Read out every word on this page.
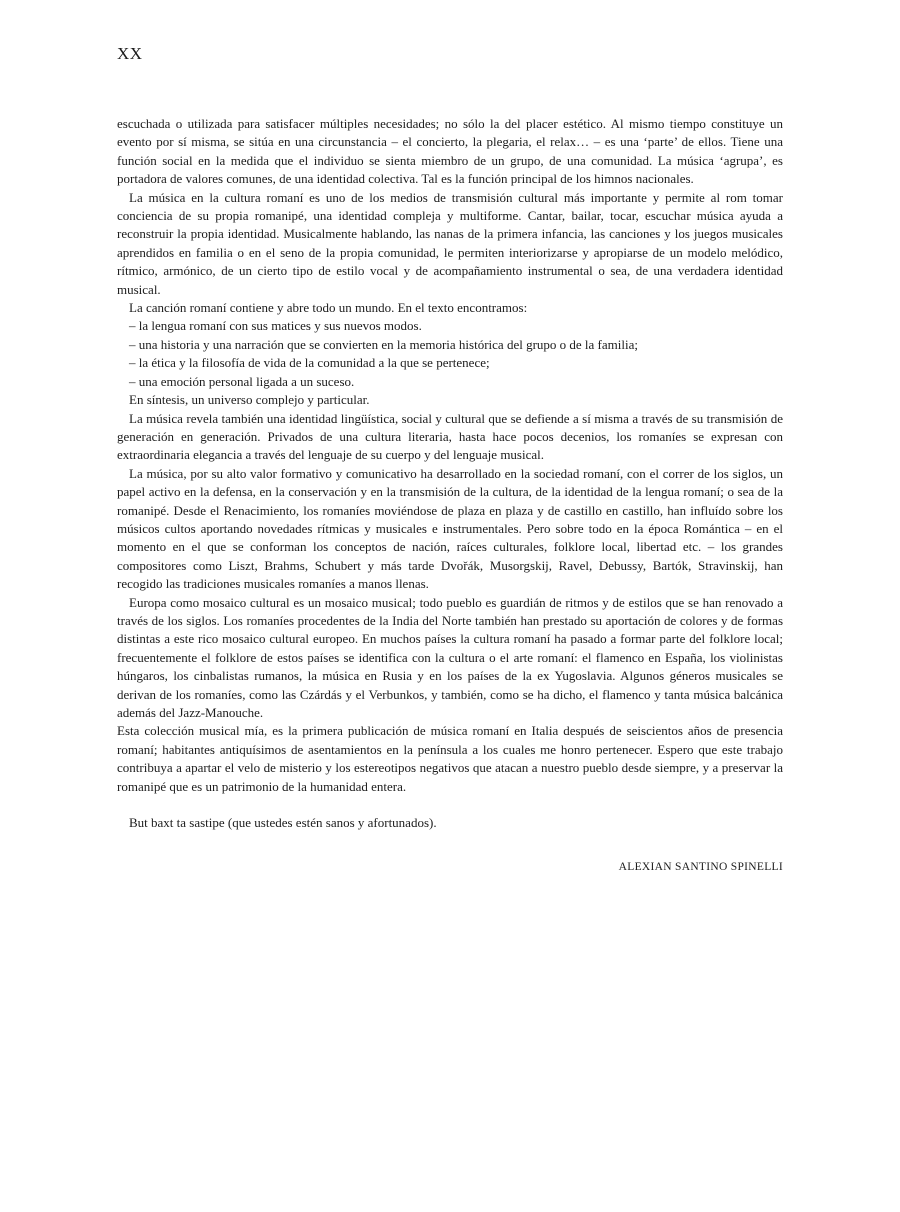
XX

escuchada o utilizada para satisfacer múltiples necesidades; no sólo la del placer estético. Al mismo tiempo constituye un evento por sí misma, se sitúa en una circunstancia – el concierto, la plegaria, el relax… – es una ‘parte’ de ellos. Tiene una función social en la medida que el individuo se sienta miembro de un grupo, de una comunidad. La música ‘agrupa’, es portadora de valores comunes, de una identidad colectiva. Tal es la función principal de los himnos nacionales.

La música en la cultura romaní es uno de los medios de transmisión cultural más importante y permite al rom tomar conciencia de su propia romanipé, una identidad compleja y multiforme. Cantar, bailar, tocar, escuchar música ayuda a reconstruir la propia identidad. Musicalmente hablando, las nanas de la primera infancia, las canciones y los juegos musicales aprendidos en familia o en el seno de la propia comunidad, le permiten interiorizarse y apropiarse de un modelo melódico, rítmico, armónico, de un cierto tipo de estilo vocal y de acompañamiento instrumental o sea, de una verdadera identidad musical.

La canción romaní contiene y abre todo un mundo. En el texto encontramos:

– la lengua romaní con sus matices y sus nuevos modos.

– una historia y una narración que se convierten en la memoria histórica del grupo o de la familia;

– la ética y la filosofía de vida de la comunidad a la que se pertenece;

– una emoción personal ligada a un suceso.

En síntesis, un universo complejo y particular.

La música revela también una identidad lingüística, social y cultural que se defiende a sí misma a través de su transmisión de generación en generación. Privados de una cultura literaria, hasta hace pocos decenios, los romaníes se expresan con extraordinaria elegancia a través del lenguaje de su cuerpo y del lenguaje musical.

La música, por su alto valor formativo y comunicativo ha desarrollado en la sociedad romaní, con el correr de los siglos, un papel activo en la defensa, en la conservación y en la transmisión de la cultura, de la identidad de la lengua romaní; o sea de la romanipé. Desde el Renacimiento, los romaníes moviéndose de plaza en plaza y de castillo en castillo, han influído sobre los músicos cultos aportando novedades rítmicas y musicales e instrumentales. Pero sobre todo en la época Romántica – en el momento en el que se conforman los conceptos de nación, raíces culturales, folklore local, libertad etc. – los grandes compositores como Liszt, Brahms, Schubert y más tarde Dvořák, Musorgskij, Ravel, Debussy, Bartók, Stravinskij, han recogido las tradiciones musicales romaníes a manos llenas.

Europa como mosaico cultural es un mosaico musical; todo pueblo es guardián de ritmos y de estilos que se han renovado a través de los siglos. Los romaníes procedentes de la India del Norte también han prestado su aportación de colores y de formas distintas a este rico mosaico cultural europeo. En muchos países la cultura romaní ha pasado a formar parte del folklore local; frecuentemente el folklore de estos países se identifica con la cultura o el arte romaní: el flamenco en España, los violinistas húngaros, los cinbalistas rumanos, la música en Rusia y en los países de la ex Yugoslavia. Algunos géneros musicales se derivan de los romaníes, como las Czárdás y el Verbunkos, y también, como se ha dicho, el flamenco y tanta música balcánica además del Jazz-Manouche.

Esta colección musical mía, es la primera publicación de música romaní en Italia después de seiscientos años de presencia romaní; habitantes antiquísimos de asentamientos en la península a los cuales me honro pertenecer. Espero que este trabajo contribuya a apartar el velo de misterio y los estereotipos negativos que atacan a nuestro pueblo desde siempre, y a preservar la romanipé que es un patrimonio de la humanidad entera.

But baxt ta sastipe (que ustedes estén sanos y afortunados).

ALEXIAN SANTINO SPINELLI
